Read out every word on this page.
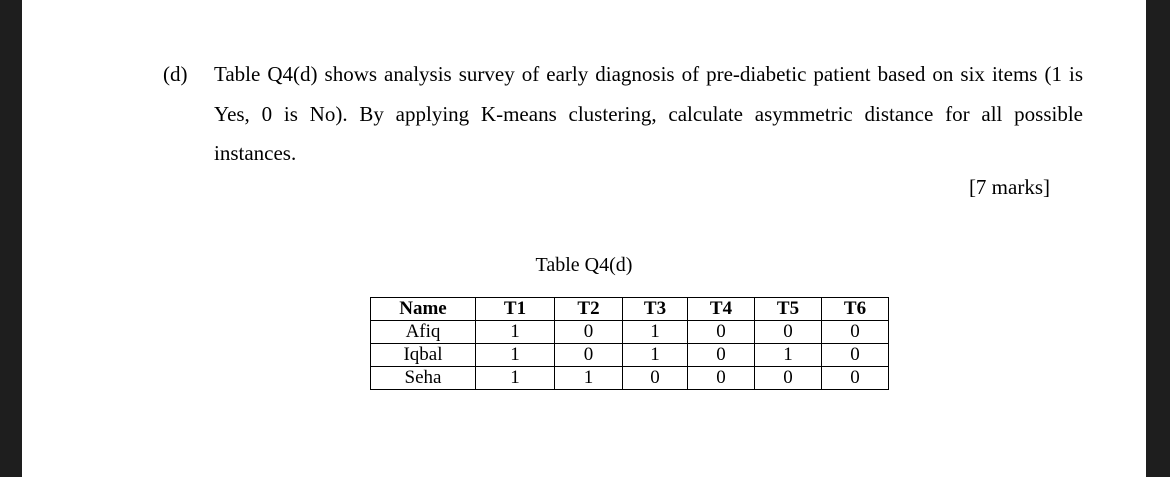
(d) Table Q4(d) shows analysis survey of early diagnosis of pre-diabetic patient based on six items (1 is Yes, 0 is No). By applying K-means clustering, calculate asymmetric distance for all possible instances.
[7 marks]
Table Q4(d)
Name	T1	T2	T3	T4	T5	T6
Afiq	1	0	1	0	0	0
Iqbal	1	0	1	0	1	0
Seha	1	1	0	0	0	0
